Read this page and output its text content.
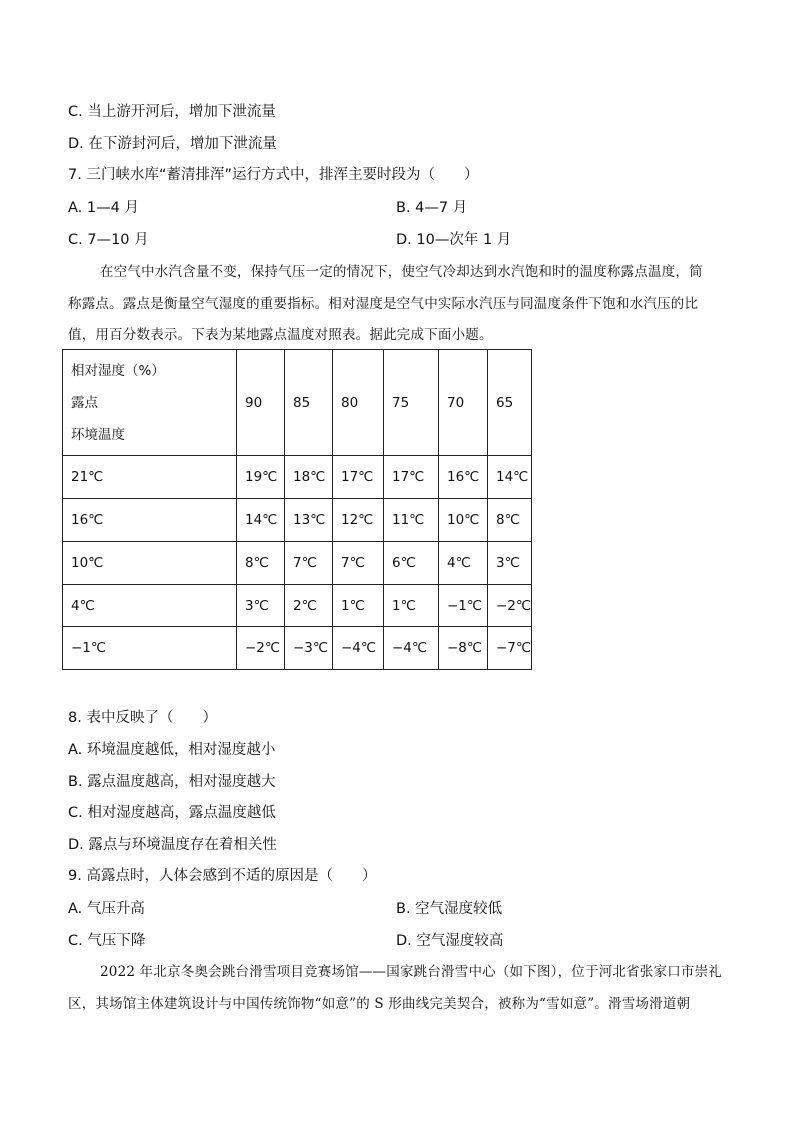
C. 当上游开河后，增加下泄流量
D. 在下游封河后，增加下泄流量
7. 三门峡水库“蓄清排浑”运行方式中，排浑主要时段为（　　）
A. 1—4 月	B. 4—7 月
C. 7—10 月	D. 10—次年 1 月
在空气中水汽含量不变，保持气压一定的情况下，使空气冷却达到水汽饱和时的温度称露点温度，简
称露点。露点是衡量空气湿度的重要指标。相对湿度是空气中实际水汽压与同温度条件下饱和水汽压的比
值，用百分数表示。下表为某地露点温度对照表。据此完成下面小题。
相对湿度（%）
露点
环境温度	90	85	80	75	70	65
21℃	19℃	18℃	17℃	17℃	16℃	14℃
16℃	14℃	13℃	12℃	11℃	10℃	8℃
10℃	8℃	7℃	7℃	6℃	4℃	3℃
4℃	3℃	2℃	1℃	1℃	−1℃	−2℃
−1℃	−2℃	−3℃	−4℃	−4℃	−8℃	−7℃
8. 表中反映了（　　）
A. 环境温度越低，相对湿度越小
B. 露点温度越高，相对湿度越大
C. 相对湿度越高，露点温度越低
D. 露点与环境温度存在着相关性
9. 高露点时，人体会感到不适的原因是（　　）
A. 气压升高	B. 空气湿度较低
C. 气压下降	D. 空气湿度较高
2022 年北京冬奥会跳台滑雪项目竞赛场馆——国家跳台滑雪中心（如下图），位于河北省张家口市崇礼
区，其场馆主体建筑设计与中国传统饰物“如意”的 S 形曲线完美契合，被称为“雪如意”。滑雪场滑道朝
